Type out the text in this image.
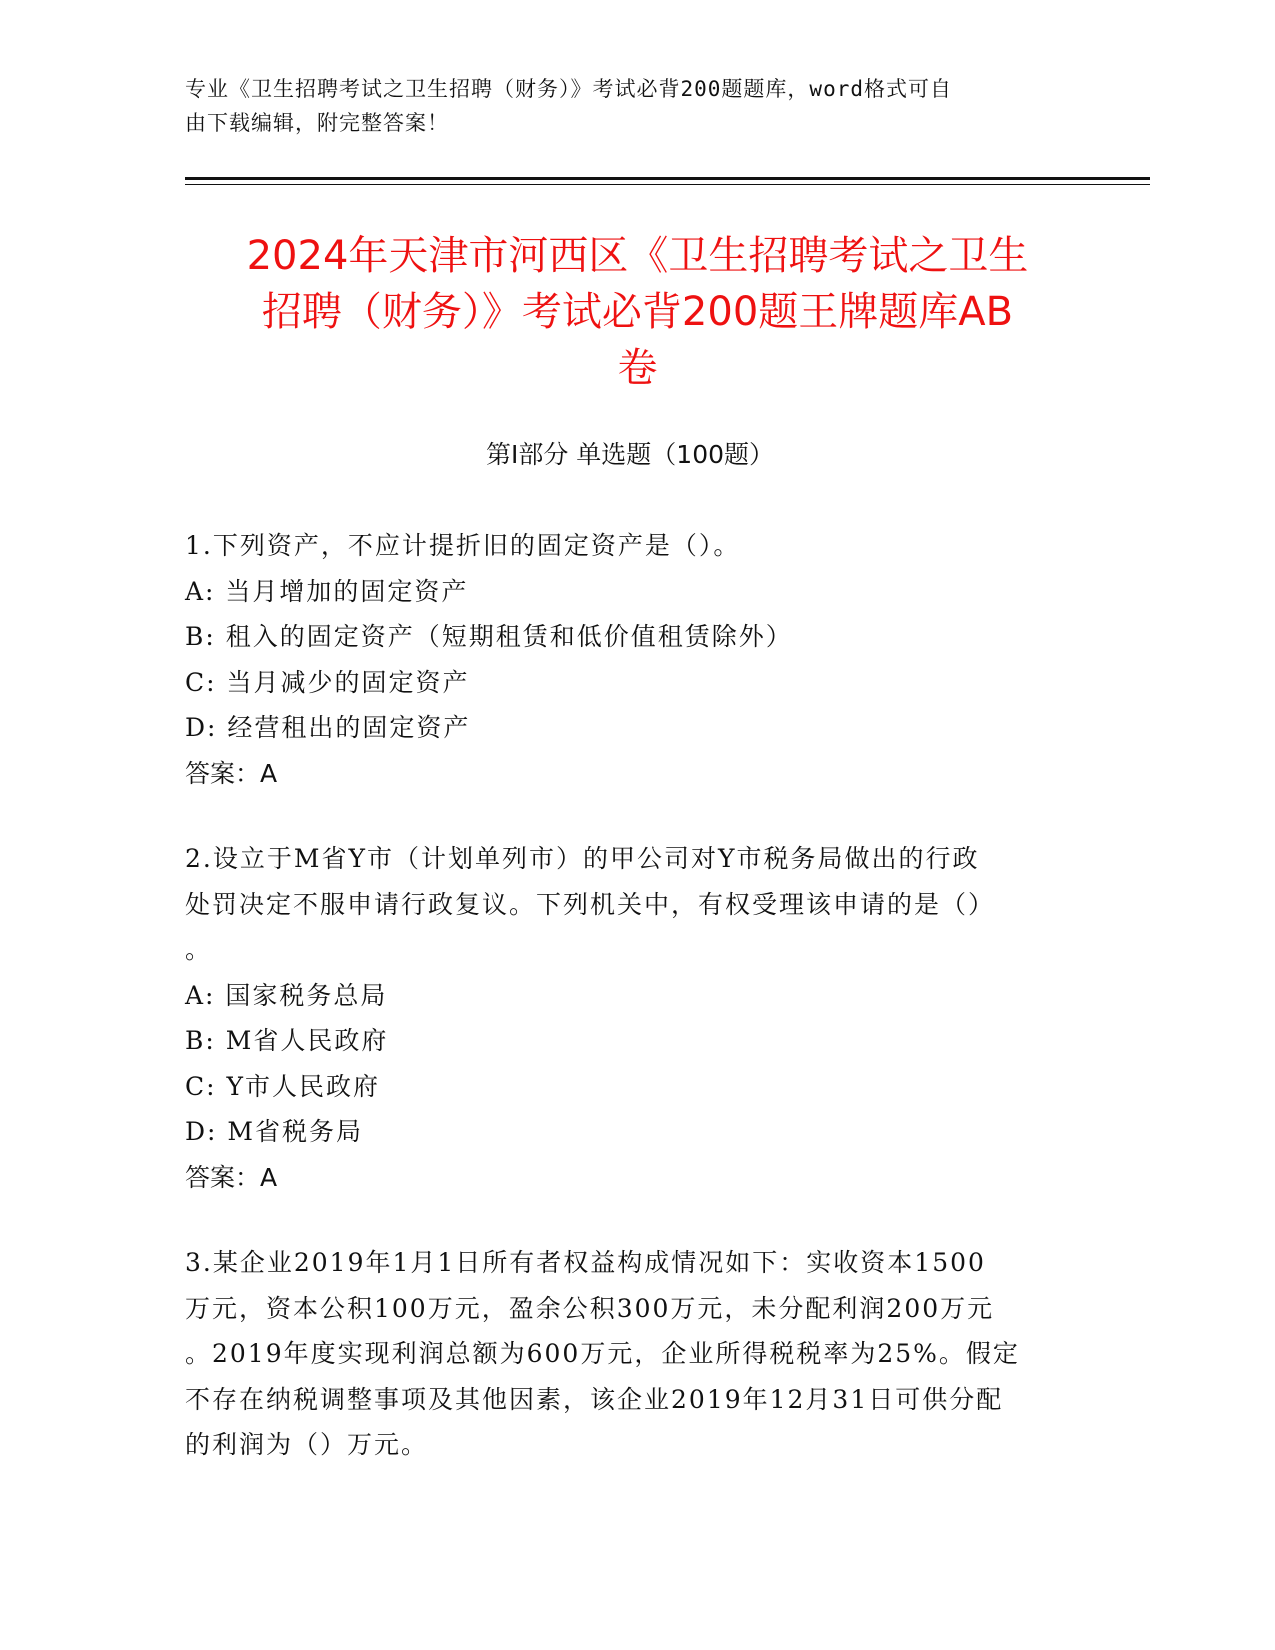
专业《卫生招聘考试之卫生招聘（财务）》考试必背200题题库，word格式可自
由下载编辑，附完整答案！
2024年天津市河西区《卫生招聘考试之卫生
招聘（财务）》考试必背200题王牌题库AB
卷
第Ⅰ部分 单选题（100题）
1.下列资产，不应计提折旧的固定资产是（）。
A: 当月增加的固定资产
B: 租入的固定资产（短期租赁和低价值租赁除外）
C: 当月减少的固定资产
D: 经营租出的固定资产
答案：A
2.设立于M省Y市（计划单列市）的甲公司对Y市税务局做出的行政
处罚决定不服申请行政复议。下列机关中，有权受理该申请的是（）
。
A: 国家税务总局
B: M省人民政府
C: Y市人民政府
D: M省税务局
答案：A
3.某企业2019年1月1日所有者权益构成情况如下：实收资本1500
万元，资本公积100万元，盈余公积300万元，未分配利润200万元
。2019年度实现利润总额为600万元，企业所得税税率为25%。假定
不存在纳税调整事项及其他因素，该企业2019年12月31日可供分配
的利润为（）万元。
